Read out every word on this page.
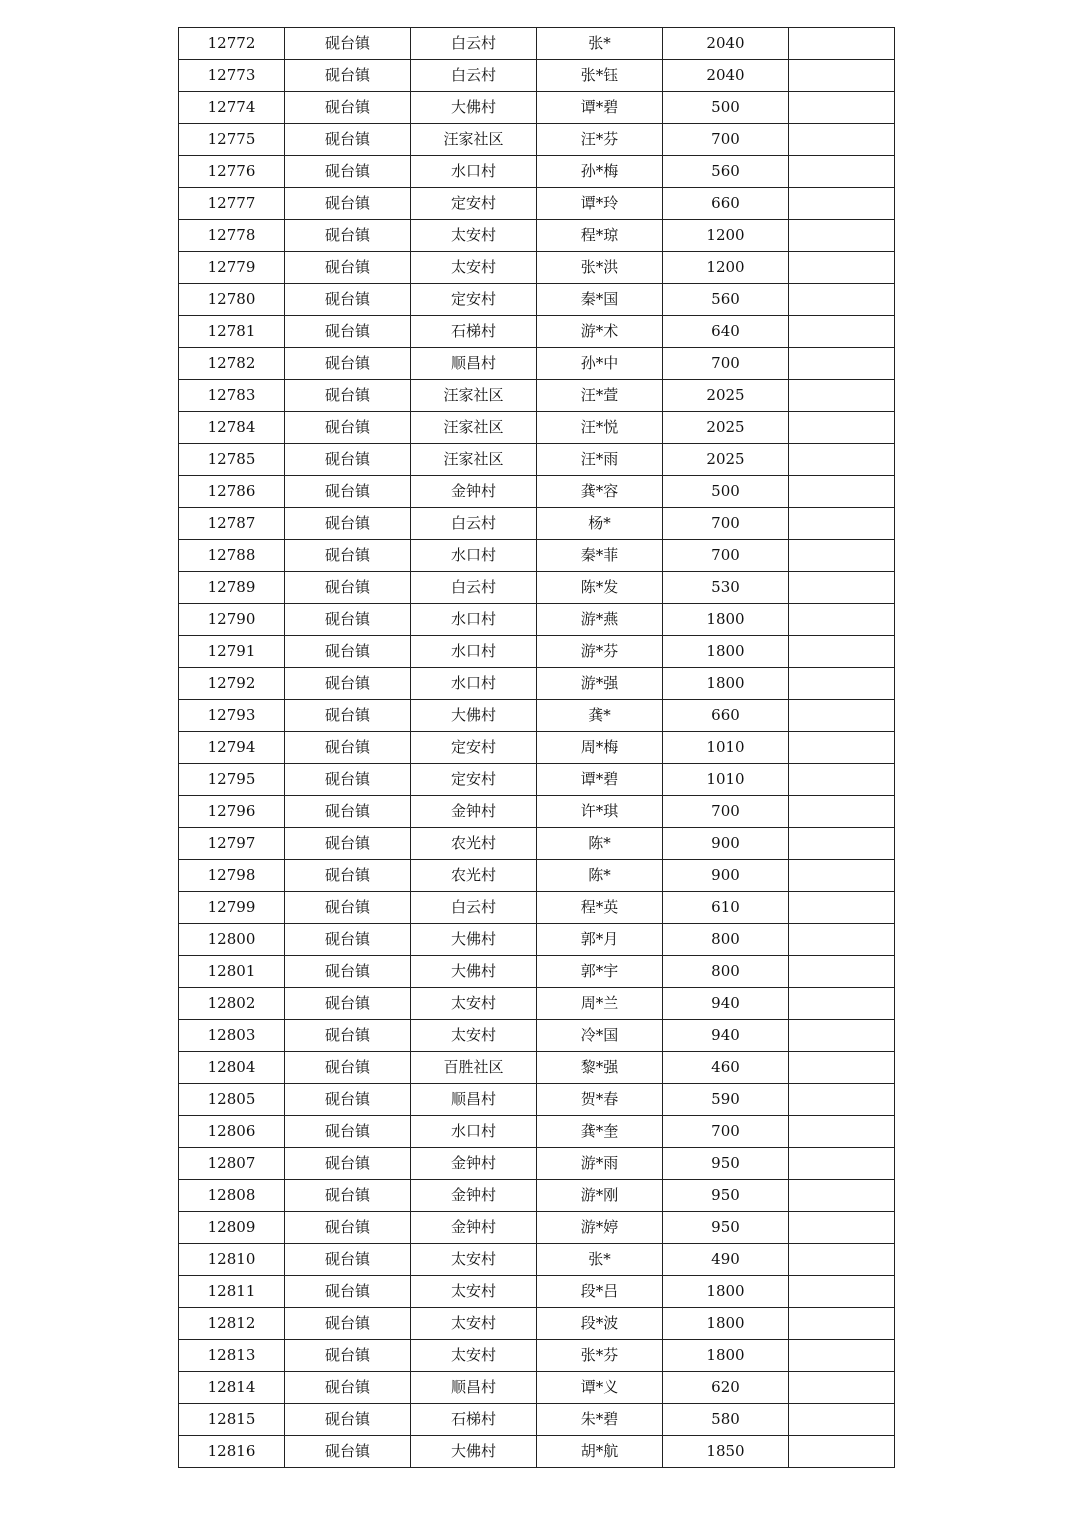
12772	砚台镇	白云村	张*	2040	
12773	砚台镇	白云村	张*钰	2040	
12774	砚台镇	大佛村	谭*碧	500	
12775	砚台镇	汪家社区	汪*芬	700	
12776	砚台镇	水口村	孙*梅	560	
12777	砚台镇	定安村	谭*玲	660	
12778	砚台镇	太安村	程*琼	1200	
12779	砚台镇	太安村	张*洪	1200	
12780	砚台镇	定安村	秦*国	560	
12781	砚台镇	石梯村	游*术	640	
12782	砚台镇	顺昌村	孙*中	700	
12783	砚台镇	汪家社区	汪*萱	2025	
12784	砚台镇	汪家社区	汪*悦	2025	
12785	砚台镇	汪家社区	汪*雨	2025	
12786	砚台镇	金钟村	龚*容	500	
12787	砚台镇	白云村	杨*	700	
12788	砚台镇	水口村	秦*菲	700	
12789	砚台镇	白云村	陈*发	530	
12790	砚台镇	水口村	游*燕	1800	
12791	砚台镇	水口村	游*芬	1800	
12792	砚台镇	水口村	游*强	1800	
12793	砚台镇	大佛村	龚*	660	
12794	砚台镇	定安村	周*梅	1010	
12795	砚台镇	定安村	谭*碧	1010	
12796	砚台镇	金钟村	许*琪	700	
12797	砚台镇	农光村	陈*	900	
12798	砚台镇	农光村	陈*	900	
12799	砚台镇	白云村	程*英	610	
12800	砚台镇	大佛村	郭*月	800	
12801	砚台镇	大佛村	郭*宇	800	
12802	砚台镇	太安村	周*兰	940	
12803	砚台镇	太安村	冷*国	940	
12804	砚台镇	百胜社区	黎*强	460	
12805	砚台镇	顺昌村	贺*春	590	
12806	砚台镇	水口村	龚*奎	700	
12807	砚台镇	金钟村	游*雨	950	
12808	砚台镇	金钟村	游*刚	950	
12809	砚台镇	金钟村	游*婷	950	
12810	砚台镇	太安村	张*	490	
12811	砚台镇	太安村	段*吕	1800	
12812	砚台镇	太安村	段*波	1800	
12813	砚台镇	太安村	张*芬	1800	
12814	砚台镇	顺昌村	谭*义	620	
12815	砚台镇	石梯村	朱*碧	580	
12816	砚台镇	大佛村	胡*航	1850	
